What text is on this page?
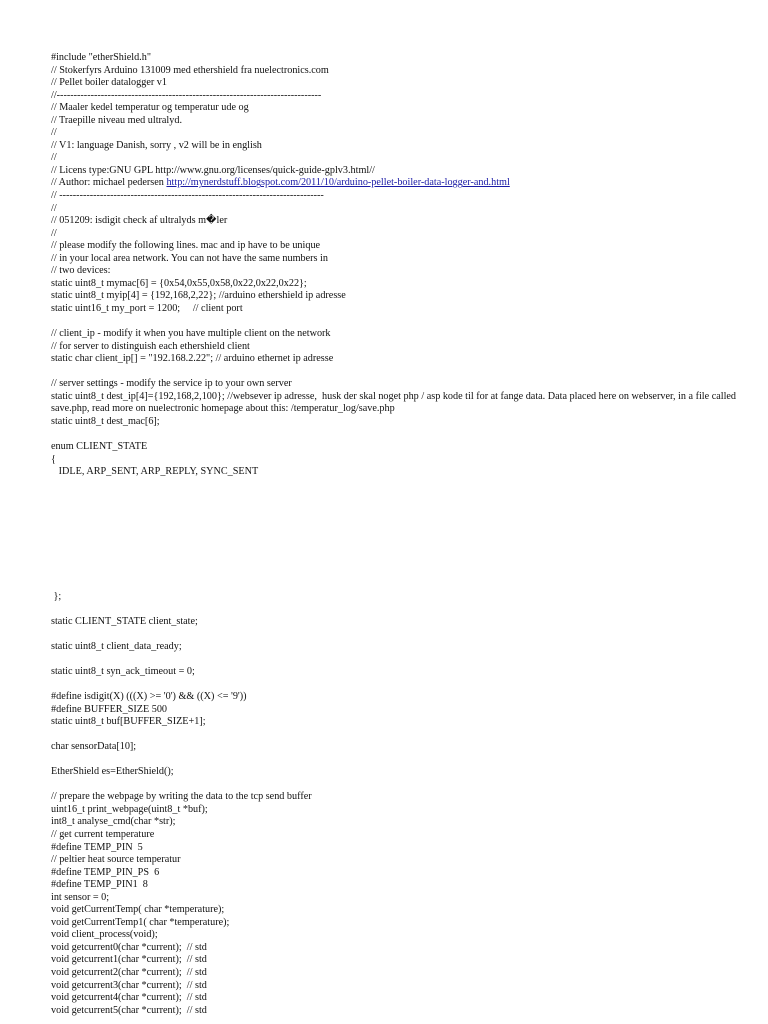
#include "etherShield.h"
// Stokerfyrs Arduino 131009 med ethershield fra nuelectronics.com
// Pellet boiler datalogger v1
//------------------------------------------------------------------------------
// Maaler kedel temperatur og temperatur ude og
// Traepille niveau med ultralyd.
//
// V1: language Danish, sorry , v2 will be in english
//
// Licens type:GNU GPL http://www.gnu.org/licenses/quick-guide-gplv3.html//
// Author: michael pedersen http://mynerdstuff.blogspot.com/2011/10/arduino-pellet-boiler-data-logger-and.html
// ------------------------------------------------------------------------------
//
// 051209: isdigit check af ultralyds m�ler
//
// please modify the following lines. mac and ip have to be unique
// in your local area network. You can not have the same numbers in
// two devices:
static uint8_t mymac[6] = {0x54,0x55,0x58,0x22,0x22,0x22};
static uint8_t myip[4] = {192,168,2,22}; //arduino ethershield ip adresse
static uint16_t my_port = 1200;     // client port
// client_ip - modify it when you have multiple client on the network
// for server to distinguish each ethershield client
static char client_ip[] = "192.168.2.22"; // arduino ethernet ip adresse
// server settings - modify the service ip to your own server
static uint8_t dest_ip[4]={192,168,2,100}; //websever ip adresse,  husk der skal noget php / asp kode til for at fange data. Data placed here on webserver, in a file called save.php, read more on nuelectronic homepage about this: /temperatur_log/save.php
static uint8_t dest_mac[6];
enum CLIENT_STATE
{
IDLE, ARP_SENT, ARP_REPLY, SYNC_SENT
};
static CLIENT_STATE client_state;
static uint8_t client_data_ready;
static uint8_t syn_ack_timeout = 0;
#define isdigit(X) (((X) >= '0') && ((X) <= '9'))
#define BUFFER_SIZE 500
static uint8_t buf[BUFFER_SIZE+1];
char sensorData[10];
EtherShield es=EtherShield();
// prepare the webpage by writing the data to the tcp send buffer
uint16_t print_webpage(uint8_t *buf);
int8_t analyse_cmd(char *str);
// get current temperature
#define TEMP_PIN  5
// peltier heat source temperatur
#define TEMP_PIN_PS  6
#define TEMP_PIN1  8
int sensor = 0;
void getCurrentTemp( char *temperature);
void getCurrentTemp1( char *temperature);
void client_process(void);
void getcurrent0(char *current);  // std
void getcurrent1(char *current);  // std
void getcurrent2(char *current);  // std
void getcurrent3(char *current);  // std
void getcurrent4(char *current);  // std
void getcurrent5(char *current);  // std
